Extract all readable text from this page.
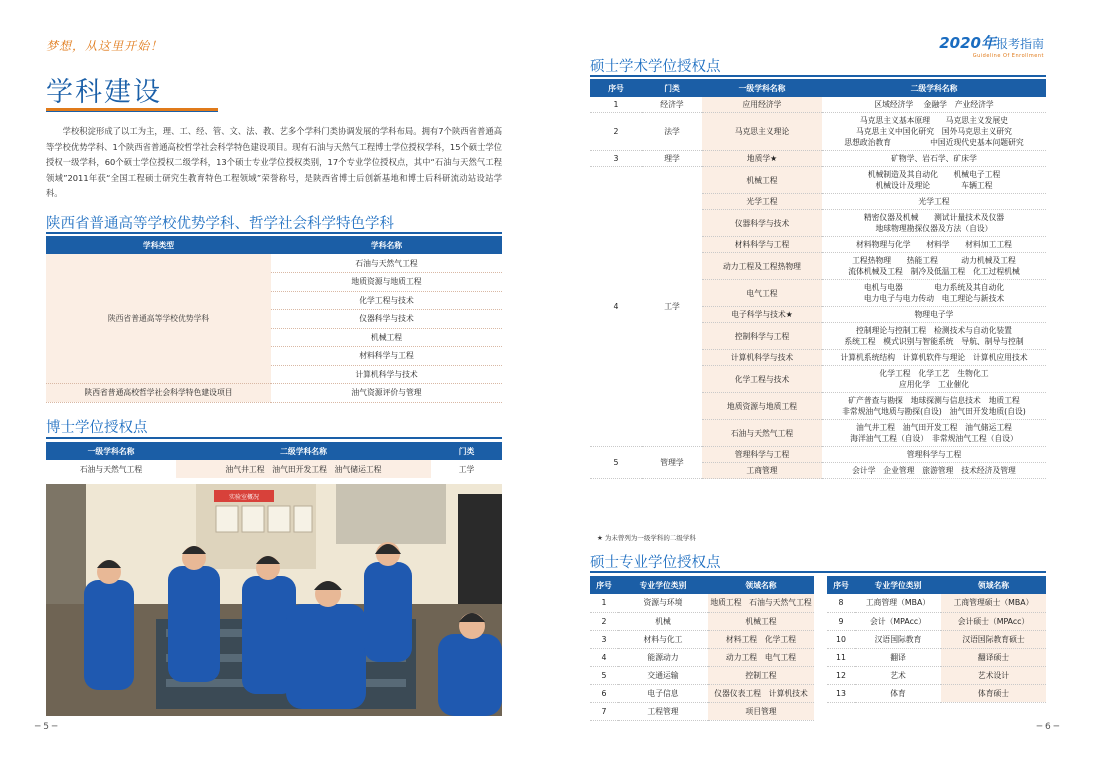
梦想，从这里开始！
学科建设
学校积淀形成了以工为主，理、工、经、管、文、法、教、艺多个学科门类协调发展的学科布局。拥有7个陕西省普通高等学校优势学科、1个陕西省普通高校哲学社会科学特色建设项目。现有石油与天然气工程博士学位授权学科，15个硕士学位授权一级学科，60个硕士学位授权二级学科，13个硕士专业学位授权类别，17个专业学位授权点，其中“石油与天然气工程领域”2011年获“全国工程硕士研究生教育特色工程领域”荣誉称号，是陕西省博士后创新基地和博士后科研流动站设站学科。
陕西省普通高等学校优势学科、哲学社会科学特色学科
学科类型	学科名称
陕西省普通高等学校优势学科	石油与天然气工程
	地质资源与地质工程
	化学工程与技术
	仪器科学与技术
	机械工程
	材料科学与工程
	计算机科学与技术
陕西省普通高校哲学社会科学特色建设项目	油气资源评价与管理
博士学位授权点
一级学科名称	二级学科名称	门类
石油与天然气工程	油气井工程　油气田开发工程　油气储运工程	工学
实验室概况
─ 5 ─
2020年报考指南
Guideline Of Enrollment
硕士学术学位授权点
序号	门类	一级学科名称	二级学科名称
1	经济学	应用经济学	区域经济学　 金融学　产业经济学
2	法学	马克思主义理论	马克思主义基本原理　　马克思主义发展史
马克思主义中国化研究　国外马克思主义研究
思想政治教育　　　　　中国近现代史基本问题研究
3	理学	地质学★	矿物学、岩石学、矿床学
4	工学	机械工程	机械制造及其自动化　　机械电子工程
机械设计及理论　　　　车辆工程
		光学工程	光学工程
		仪器科学与技术	精密仪器及机械　　测试计量技术及仪器
地球物理勘探仪器及方法（自设）
		材料科学与工程	材料物理与化学　　材料学　　材料加工工程
		动力工程及工程热物理	工程热物理　　热能工程　　　动力机械及工程
流体机械及工程　制冷及低温工程　化工过程机械
		电气工程	电机与电器　　　　电力系统及其自动化
电力电子与电力传动　电工理论与新技术
		电子科学与技术★	物理电子学
		控制科学与工程	控制理论与控制工程　检测技术与自动化装置
系统工程　模式识别与智能系统　导航、制导与控制
		计算机科学与技术	计算机系统结构　计算机软件与理论　计算机应用技术
		化学工程与技术	化学工程　化学工艺　生物化工
应用化学　工业催化
		地质资源与地质工程	矿产普查与勘探　地球探测与信息技术　地质工程
非常规油气地质与勘探(自设)　油气田开发地质(自设)
		石油与天然气工程	油气井工程　油气田开发工程　油气储运工程
海洋油气工程（自设）　非常规油气工程（自设）
5	管理学	管理科学与工程	管理科学与工程
		工商管理	会计学　企业管理　旅游管理　技术经济及管理
★ 为未曾列为一级学科的二级学科
硕士专业学位授权点
序号	专业学位类别	领域名称
1	资源与环境	地质工程　石油与天然气工程
2	机械	机械工程
3	材料与化工	材料工程　化学工程
4	能源动力	动力工程　电气工程
5	交通运输	控制工程
6	电子信息	仪器仪表工程　计算机技术
7	工程管理	项目管理
序号	专业学位类别	领域名称
8	工商管理（MBA）	工商管理硕士（MBA）
9	会计（MPAcc）	会计硕士（MPAcc）
10	汉语国际教育	汉语国际教育硕士
11	翻译	翻译硕士
12	艺术	艺术设计
13	体育	体育硕士
─ 6 ─
